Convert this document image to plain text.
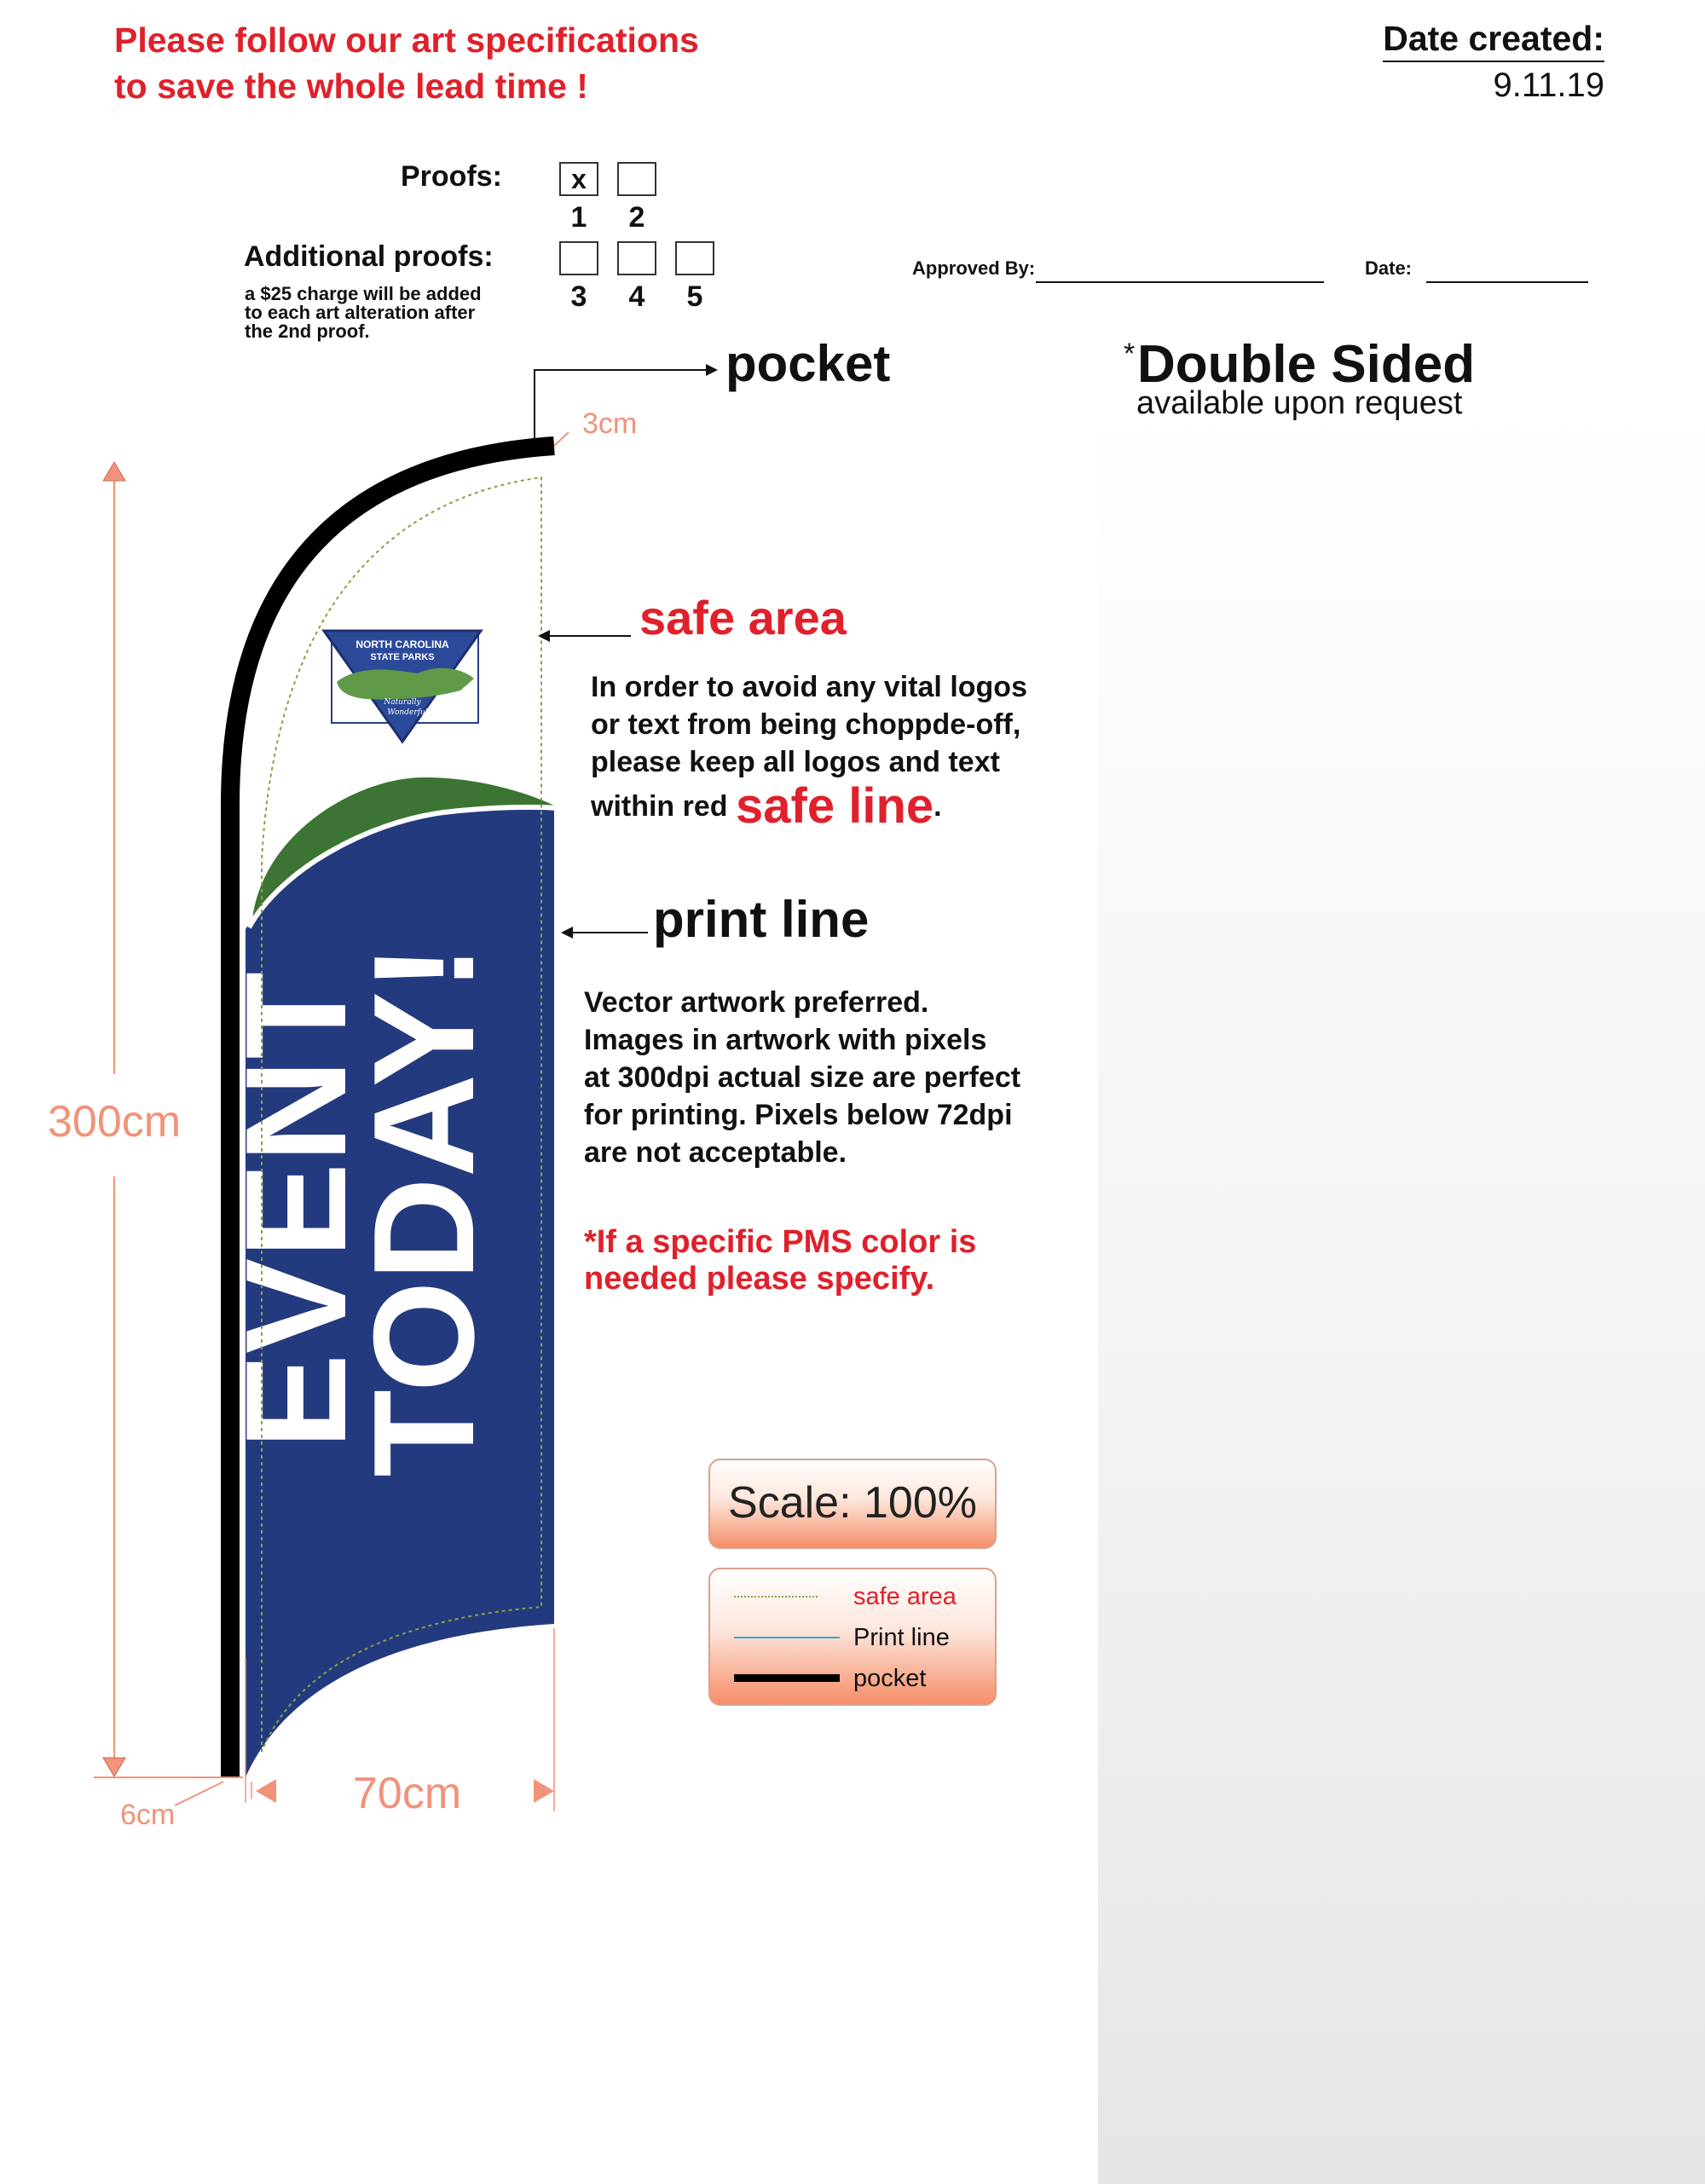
Please follow our art specifications
to save the whole lead time !
Date created:
9.11.19
Proofs:	x
1	2
Additional proofs:
3	4	5
a $25 charge will be added
to each art alteration after
the 2nd proof.
Approved By:	Date:
* Double Sided
available upon request
EVENT
TODAY!
NORTH CAROLINA
STATE PARKS
Naturally
Wonderful
3cm
300cm
6cm	70cm
pocket
safe area
In order to avoid any vital logos
or text from being choppde-off,
please keep all logos and text
within red safe line.
print line
Vector artwork preferred.
Images in artwork with pixels
at 300dpi actual size are perfect
for printing. Pixels below 72dpi
are not acceptable.
*If a specific PMS color is
needed please specify.
Scale: 100%
safe area
Print line
pocket
